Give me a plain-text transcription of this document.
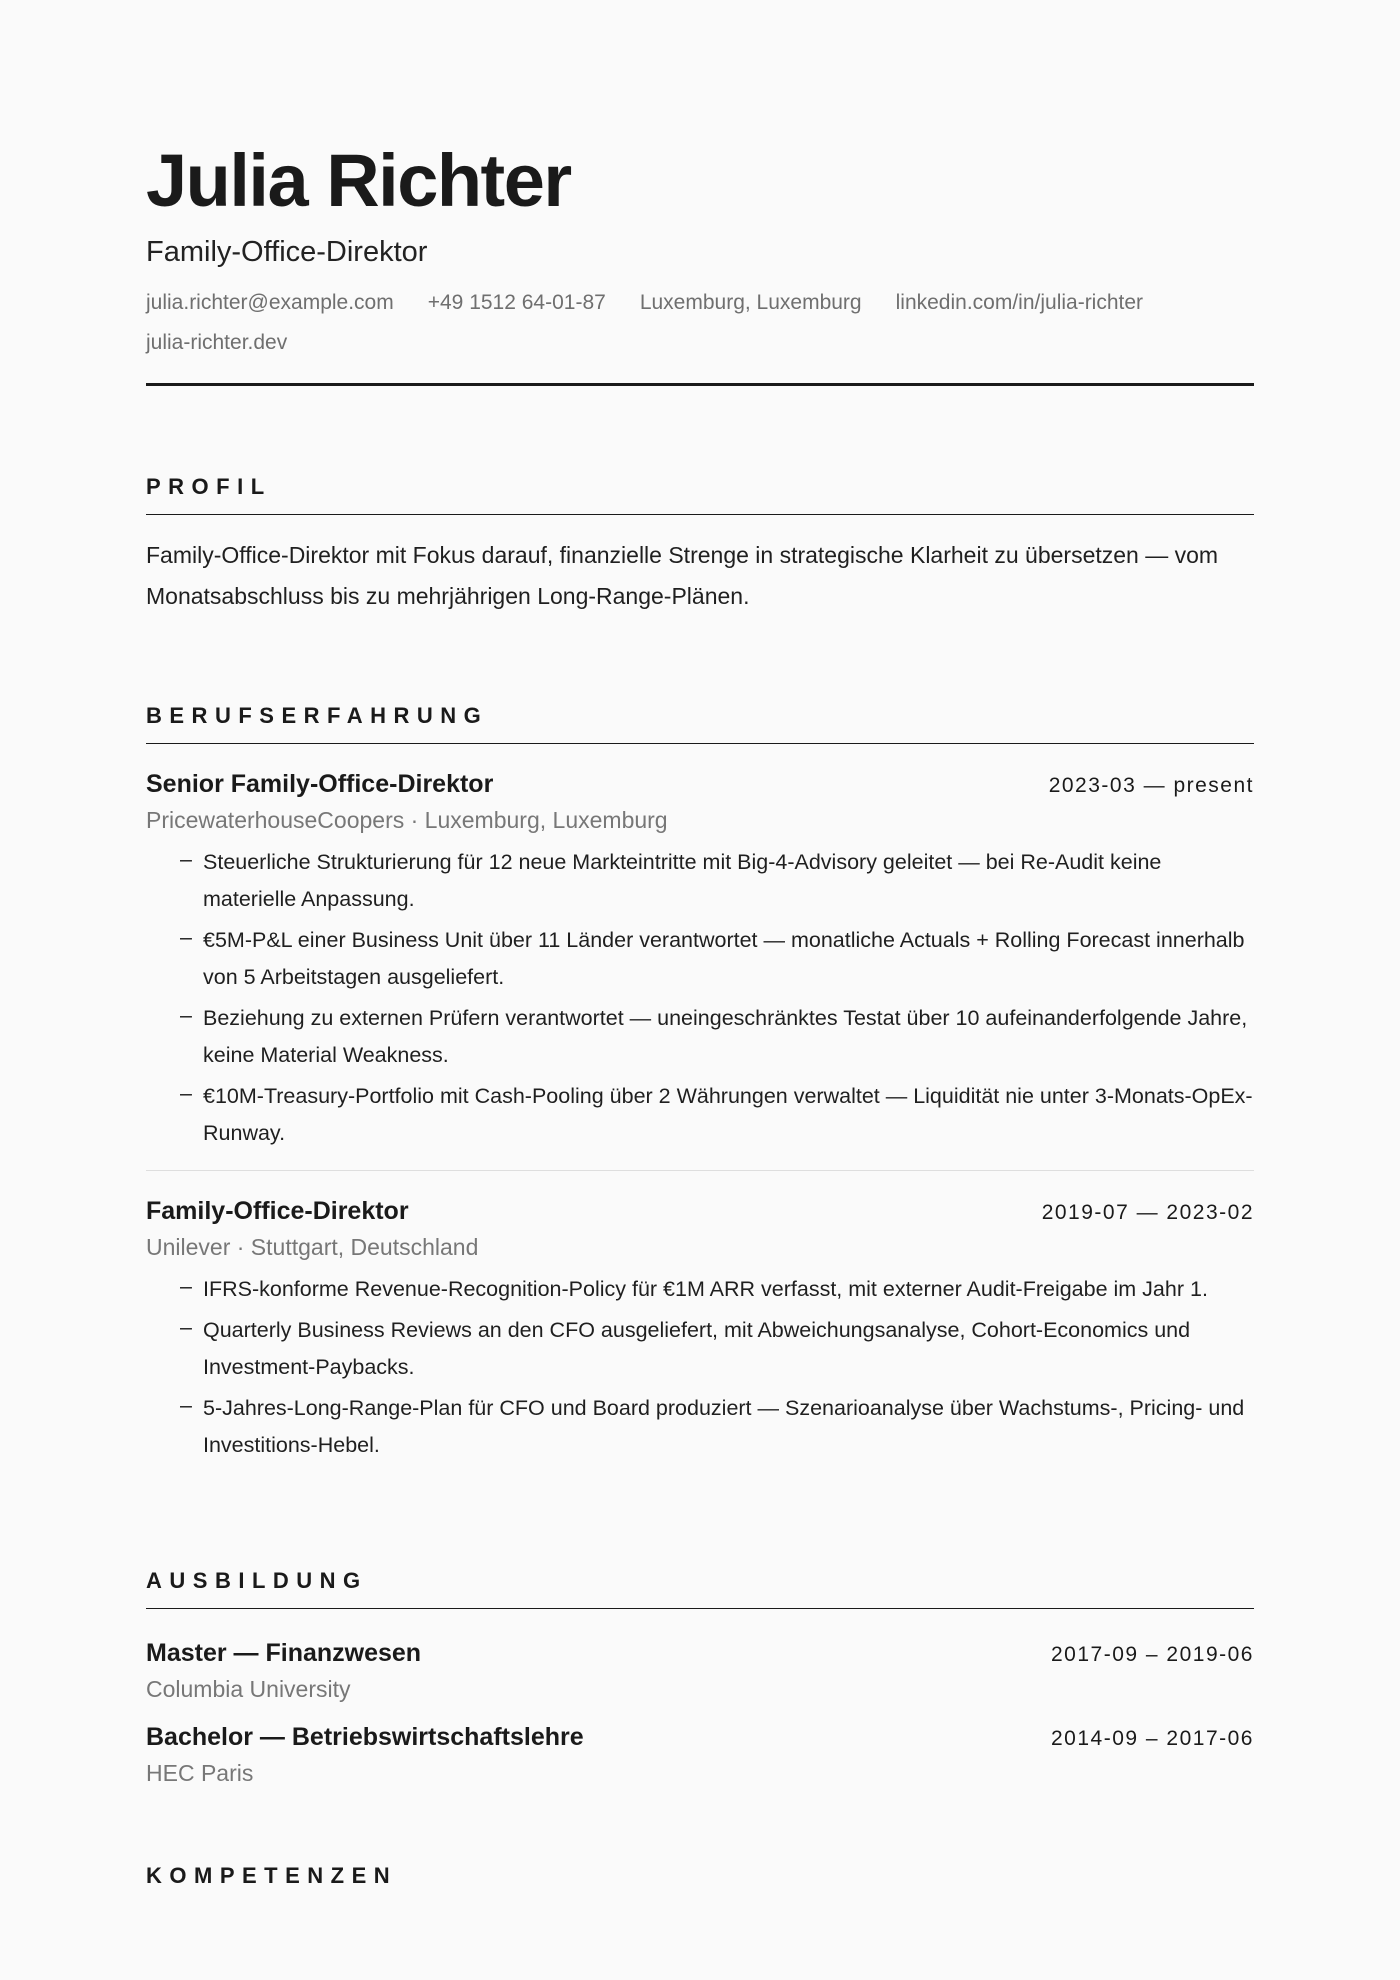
Julia Richter
Family-Office-Direktor
julia.richter@example.com +49 1512 64-01-87 Luxemburg, Luxemburg linkedin.com/in/julia-richter
julia-richter.dev
PROFIL
Family-Office-Direktor mit Fokus darauf, finanzielle Strenge in strategische Klarheit zu übersetzen — vom Monatsabschluss bis zu mehrjährigen Long-Range-Plänen.
BERUFSERFAHRUNG
Senior Family-Office-Direktor	2023-03 — present
PricewaterhouseCoopers · Luxemburg, Luxemburg
– Steuerliche Strukturierung für 12 neue Markteintritte mit Big-4-Advisory geleitet — bei Re-Audit keine materielle Anpassung.
– €5M-P&L einer Business Unit über 11 Länder verantwortet — monatliche Actuals + Rolling Forecast innerhalb von 5 Arbeitstagen ausgeliefert.
– Beziehung zu externen Prüfern verantwortet — uneingeschränktes Testat über 10 aufeinanderfolgende Jahre, keine Material Weakness.
– €10M-Treasury-Portfolio mit Cash-Pooling über 2 Währungen verwaltet — Liquidität nie unter 3-Monats-OpEx-Runway.
Family-Office-Direktor	2019-07 — 2023-02
Unilever · Stuttgart, Deutschland
– IFRS-konforme Revenue-Recognition-Policy für €1M ARR verfasst, mit externer Audit-Freigabe im Jahr 1.
– Quarterly Business Reviews an den CFO ausgeliefert, mit Abweichungsanalyse, Cohort-Economics und Investment-Paybacks.
– 5-Jahres-Long-Range-Plan für CFO und Board produziert — Szenarioanalyse über Wachstums-, Pricing- und Investitions-Hebel.
AUSBILDUNG
Master — Finanzwesen	2017-09 – 2019-06
Columbia University
Bachelor — Betriebswirtschaftslehre	2014-09 – 2017-06
HEC Paris
KOMPETENZEN
